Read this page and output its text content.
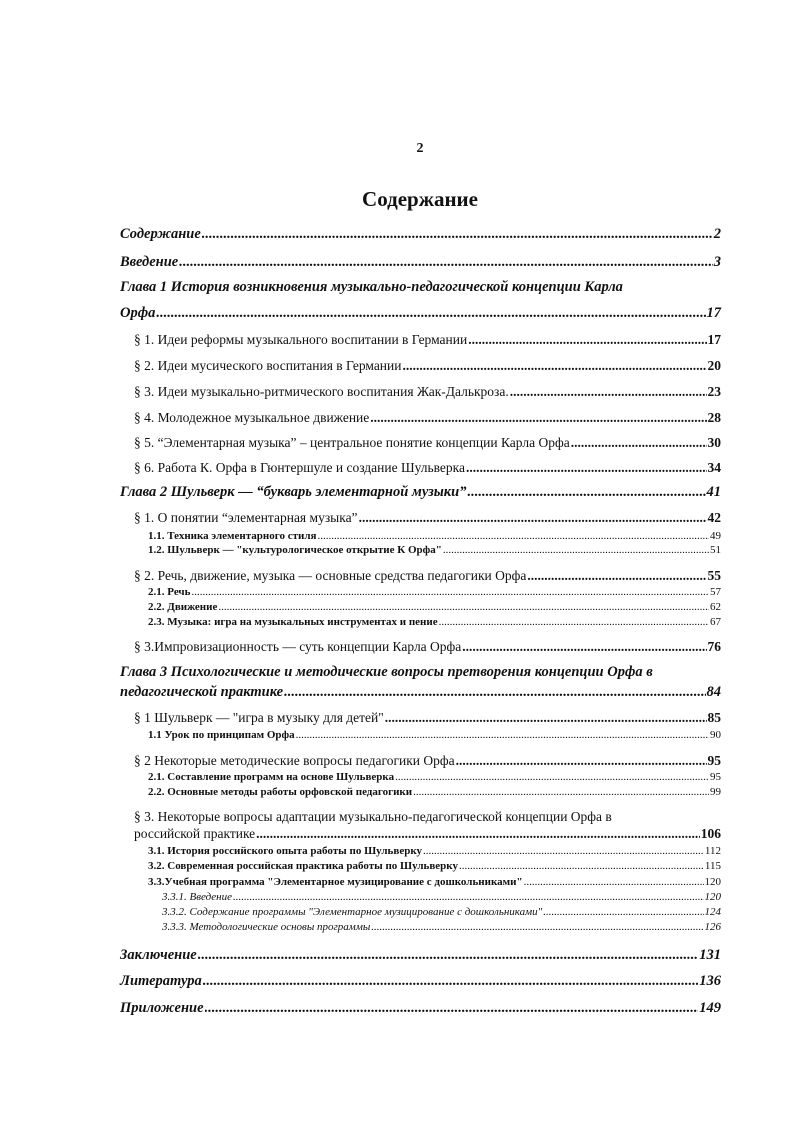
2
Содержание
Содержание .....	2
Введение .....	3
Глава 1 История возникновения музыкально-педагогической концепции Карла
Орфа .....	17
§ 1. Идеи реформы музыкального воспитании в Германии .....	17
§ 2. Идеи мусического воспитания в Германии .....	20
§ 3. Идеи музыкально-ритмического воспитания Жак-Далькроза. .....	23
§ 4. Молодежное музыкальное движение .....	28
§ 5. “Элементарная музыка” – центральное понятие концепции Карла Орфа .....	30
§ 6. Работа К. Орфа в Гюнтершуле и создание Шульверка .....	34
Глава 2 Шульверк — “букварь элементарной музыки” .....	41
§ 1. О понятии “элементарная музыка” .....	42
1.1. Техника элементарного стиля .....	49
1.2. Шульверк — "культурологическое открытие К Орфа" .....	51
§ 2. Речь, движение, музыка — основные средства педагогики Орфа .....	55
2.1. Речь .....	57
2.2. Движение .....	62
2.3. Музыка: игра на музыкальных инструментах и пение .....	67
§ 3.Импровизационность — суть концепции Карла Орфа .....	76
Глава 3 Психологические и методические вопросы претворения концепции Орфа в
педагогической практике .....	84
§ 1 Шульверк — "игра в музыку для детей" .....	85
1.1 Урок по принципам Орфа .....	90
§ 2 Некоторые методические вопросы педагогики Орфа .....	95
2.1. Составление программ на основе Шульверка .....	95
2.2. Основные методы работы орфовской педагогики .....	99
§ 3. Некоторые вопросы адаптации музыкально-педагогической концепции Орфа в
российской практике .....	106
3.1. История российского опыта работы по Шульверку .....	112
3.2. Современная российская практика работы по Шульверку .....	115
3.3.Учебная программа "Элементарное музицирование с дошкольниками" .....	120
3.3.1. Введение .....	120
3.3.2. Содержание программы "Элементарное музицирование с дошкольниками" .....	124
3.3.3. Методологические основы программы .....	126
Заключение .....	131
Литература .....	136
Приложение .....	149
